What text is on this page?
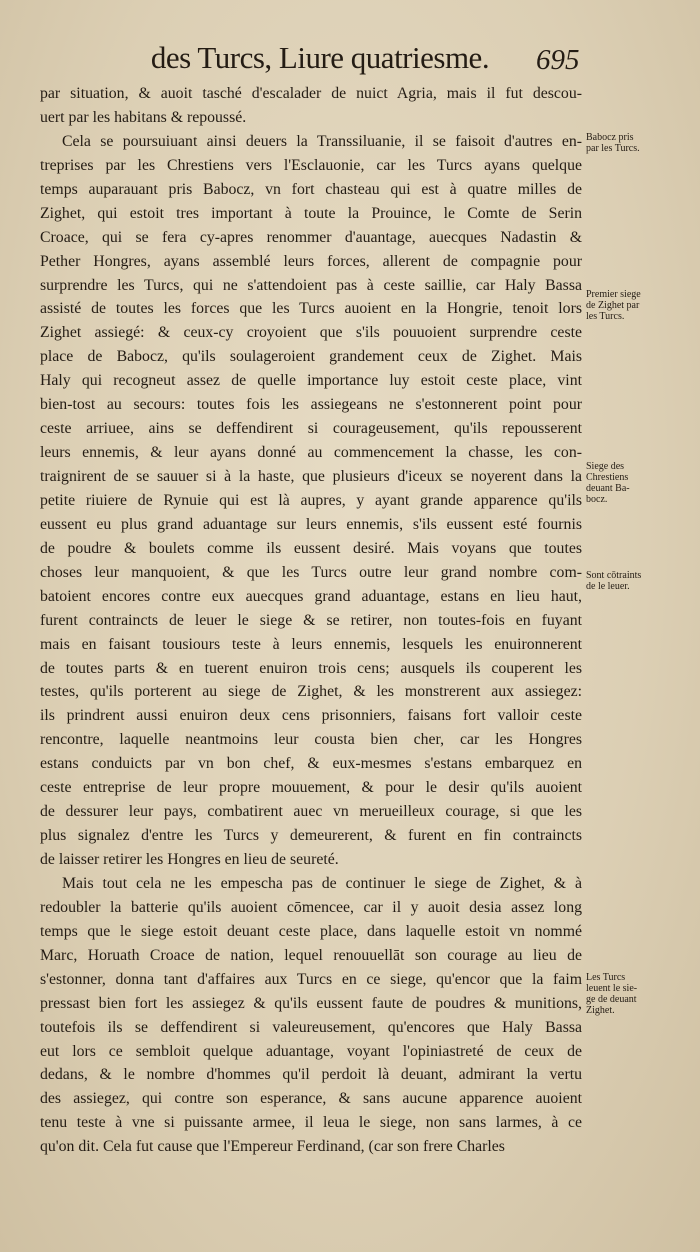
des Turcs, Liure quatriesme.	695
par situation, & auoit tasché d'escalader de nuict Agria, mais il fut descou-
uert par les habitans & repoussé.
Cela se poursuiuant ainsi deuers la Transsiluanie, il se faisoit d'autres en-
treprises par les Chrestiens vers l'Esclauonie, car les Turcs ayans quelque
temps auparauant pris Babocz, vn fort chasteau qui est à quatre milles de
Zighet, qui estoit tres important à toute la Prouince, le Comte de Serin
Croace, qui se fera cy-apres renommer d'auantage, auecques Nadastin &
Pether Hongres, ayans assemblé leurs forces, allerent de compagnie pour
surprendre les Turcs, qui ne s'attendoient pas à ceste saillie, car Haly Bassa
assisté de toutes les forces que les Turcs auoient en la Hongrie, tenoit lors
Zighet assiegé: & ceux-cy croyoient que s'ils pouuoient surprendre ceste
place de Babocz, qu'ils soulageroient grandement ceux de Zighet. Mais
Haly qui recogneut assez de quelle importance luy estoit ceste place, vint
bien-tost au secours: toutes fois les assiegeans ne s'estonnerent point pour
ceste arriuee, ains se deffendirent si courageusement, qu'ils repousserent
leurs ennemis, & leur ayans donné au commencement la chasse, les con-
traignirent de se sauuer si à la haste, que plusieurs d'iceux se noyerent dans la
petite riuiere de Rynuie qui est là aupres, y ayant grande apparence qu'ils
eussent eu plus grand aduantage sur leurs ennemis, s'ils eussent esté fournis
de poudre & boulets comme ils eussent desiré. Mais voyans que toutes
choses leur manquoient, & que les Turcs outre leur grand nombre com-
batoient encores contre eux auecques grand aduantage, estans en lieu haut,
furent contraincts de leuer le siege & se retirer, non toutes-fois en fuyant
mais en faisant tousiours teste à leurs ennemis, lesquels les enuironnerent
de toutes parts & en tuerent enuiron trois cens; ausquels ils couperent les
testes, qu'ils porterent au siege de Zighet, & les monstrerent aux assiegez:
ils prindrent aussi enuiron deux cens prisonniers, faisans fort valloir ceste
rencontre, laquelle neantmoins leur cousta bien cher, car les Hongres
estans conduicts par vn bon chef, & eux-mesmes s'estans embarquez en
ceste entreprise de leur propre mouuement, & pour le desir qu'ils auoient
de dessurer leur pays, combatirent auec vn merueilleux courage, si que les
plus signalez d'entre les Turcs y demeurerent, & furent en fin contraincts
de laisser retirer les Hongres en lieu de seureté.
Mais tout cela ne les empescha pas de continuer le siege de Zighet, & à
redoubler la batterie qu'ils auoient cōmencee, car il y auoit desia assez long
temps que le siege estoit deuant ceste place, dans laquelle estoit vn nommé
Marc, Horuath Croace de nation, lequel renouuellāt son courage au lieu de
s'estonner, donna tant d'affaires aux Turcs en ce siege, qu'encor que la faim
pressast bien fort les assiegez & qu'ils eussent faute de poudres & munitions,
toutefois ils se deffendirent si valeureusement, qu'encores que Haly Bassa
eut lors ce sembloit quelque aduantage, voyant l'opiniastreté de ceux de
dedans, & le nombre d'hommes qu'il perdoit là deuant, admirant la vertu
des assiegez, qui contre son esperance, & sans aucune apparence auoient
tenu teste à vne si puissante armee, il leua le siege, non sans larmes, à ce
qu'on dit. Cela fut cause que l'Empereur Ferdinand, (car son frere Charles
Babocz pris
par les Turcs.
Premier siege
de Zighet par
les Turcs.
Siege des
Chrestiens
deuant Ba-
bocz.
Sont cōtraints
de le leuer.
Les Turcs
leuent le sie-
ge de deuant
Zighet.
